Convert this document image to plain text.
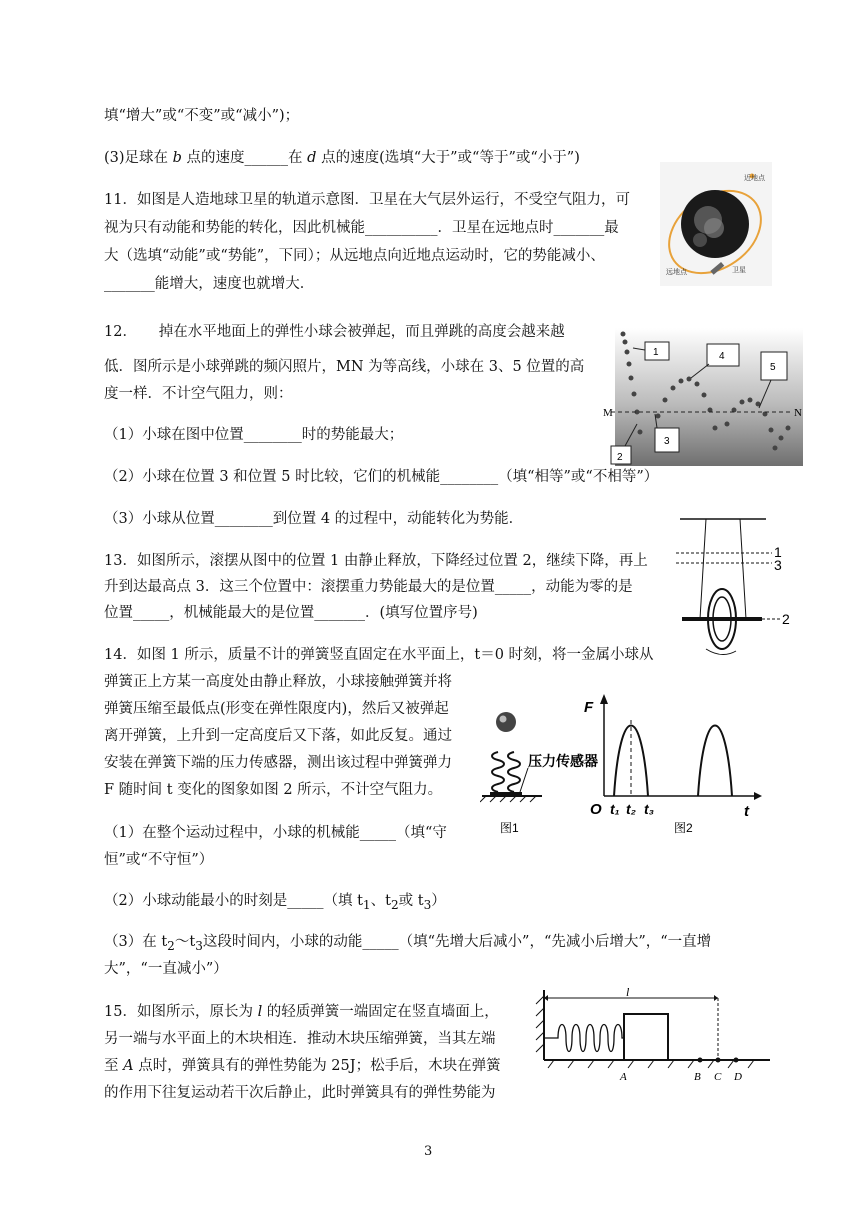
填“增大”或“不变”或“减小”)；
(3)足球在 b 点的速度______在 d 点的速度(选填“大于”或“等于”或“小于”)
11．如图是人造地球卫星的轨道示意图．卫星在大气层外运行，不受空气阻力，可
视为只有动能和势能的转化，因此机械能__________．卫星在远地点时_______最
大（选填“动能”或“势能”，下同）；从远地点向近地点运动时，它的势能减小、
_______能增大，速度也就增大．
近地点
远地点	卫星
12．　　掉在水平地面上的弹性小球会被弹起，而且弹跳的高度会越来越
低．图所示是小球弹跳的频闪照片，MN 为等高线，小球在 3、5 位置的高
度一样．不计空气阻力，则：
（1）小球在图中位置________时的势能最大；
（2）小球在位置 3 和位置 5 时比较，它们的机械能________（填“相等”或“不相等”）
（3）小球从位置________到位置 4 的过程中，动能转化为势能．
M	N
1	4
5
2
3
13．如图所示，滚摆从图中的位置 1 由静止释放，下降经过位置 2，继续下降，再上
升到达最高点 3．这三个位置中：滚摆重力势能最大的是位置_____，动能为零的是
位置_____，机械能最大的是位置_______．(填写位置序号)
1
3
2
14．如图 1 所示，质量不计的弹簧竖直固定在水平面上，t＝0 时刻，将一金属小球从
弹簧正上方某一高度处由静止释放，小球接触弹簧并将
弹簧压缩至最低点(形变在弹性限度内)，然后又被弹起
离开弹簧，上升到一定高度后又下落，如此反复。通过
安装在弹簧下端的压力传感器，测出该过程中弹簧弹力
F 随时间 t 变化的图象如图 2 所示，不计空气阻力。
（1）在整个运动过程中，小球的机械能_____（填“守
恒”或“不守恒”）
（2）小球动能最小的时刻是_____（填 $t_1$、$t_2$或 $t_3$）
（3）在 $t_2\sim t_3$这段时间内，小球的动能_____（填“先增大后减小”，“先减小后增大”，“一直增
大”，“一直减小”）
压力传感器
图1
F
t
O t₁ t₂ t₃
图2
15．如图所示，原长为 l 的轻质弹簧一端固定在竖直墙面上，
另一端与水平面上的木块相连．推动木块压缩弹簧，当其左端
至 A 点时，弹簧具有的弹性势能为 25J；松手后，木块在弹簧
的作用下往复运动若干次后静止，此时弹簧具有的弹性势能为
l
A	B C D
3
